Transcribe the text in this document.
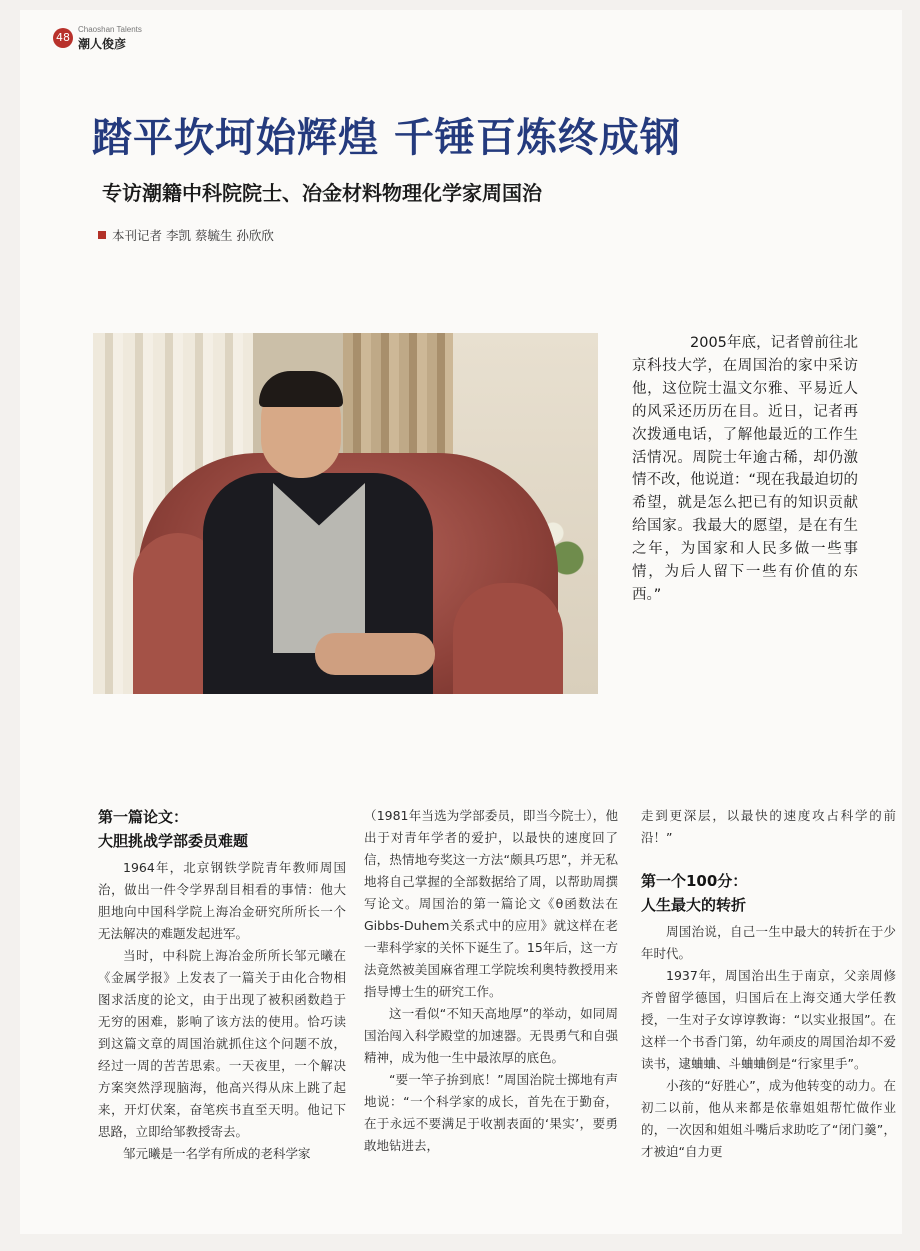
48
Chaoshan Talents
潮人俊彦
踏平坎坷始辉煌 千锤百炼终成钢
专访潮籍中科院院士、冶金材料物理化学家周国治
本刊记者 李凯 蔡毓生 孙欣欣

2005年底，记者曾前往北京科技大学，在周国治的家中采访他，这位院士温文尔雅、平易近人的风采还历历在目。近日，记者再次拨通电话，了解他最近的工作生活情况。周院士年逾古稀，却仍激情不改，他说道：“现在我最迫切的希望，就是怎么把已有的知识贡献给国家。我最大的愿望，是在有生之年，为国家和人民多做一些事情，为后人留下一些有价值的东西。”

第一篇论文：
大胆挑战学部委员难题

1964年，北京钢铁学院青年教师周国治，做出一件令学界刮目相看的事情：他大胆地向中国科学院上海冶金研究所所长一个无法解决的难题发起进军。

当时，中科院上海冶金所所长邹元曦在《金属学报》上发表了一篇关于由化合物相图求活度的论文，由于出现了被积函数趋于无穷的困难，影响了该方法的使用。恰巧读到这篇文章的周国治就抓住这个问题不放，经过一周的苦苦思索。一天夜里，一个解决方案突然浮现脑海，他高兴得从床上跳了起来，开灯伏案，奋笔疾书直至天明。他记下思路，立即给邹教授寄去。

邹元曦是一名学有所成的老科学家

（1981年当选为学部委员，即当今院士），他出于对青年学者的爱护，以最快的速度回了信，热情地夸奖这一方法“颇具巧思”，并无私地将自己掌握的全部数据给了周，以帮助周撰写论文。周国治的第一篇论文《θ函数法在Gibbs-Duhem关系式中的应用》就这样在老一辈科学家的关怀下诞生了。15年后，这一方法竟然被美国麻省理工学院埃利奥特教授用来指导博士生的研究工作。

这一看似“不知天高地厚”的举动，如同周国治闯入科学殿堂的加速器。无畏勇气和自强精神，成为他一生中最浓厚的底色。

“要一竿子拚到底！”周国治院士掷地有声地说：“一个科学家的成长，首先在于勤奋，在于永远不要满足于收割表面的‘果实’，要勇敢地钻进去，

走到更深层，以最快的速度攻占科学的前沿！”

第一个100分：
人生最大的转折

周国治说，自己一生中最大的转折在于少年时代。

1937年，周国治出生于南京，父亲周修齐曾留学德国，归国后在上海交通大学任教授，一生对子女谆谆教诲：“以实业报国”。在这样一个书香门第，幼年顽皮的周国治却不爱读书，逮蛐蛐、斗蛐蛐倒是“行家里手”。

小孩的“好胜心”，成为他转变的动力。在初二以前，他从来都是依靠姐姐帮忙做作业的，一次因和姐姐斗嘴后求助吃了“闭门羹”，才被迫“自力更
